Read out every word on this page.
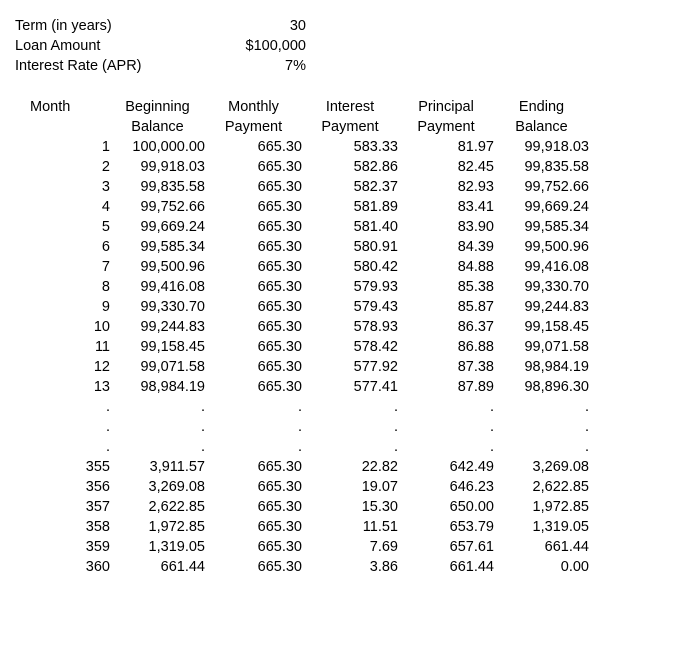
Term (in years)	30
Loan Amount	$100,000
Interest Rate (APR)	7%
Month	Beginning	Monthly	Interest	Principal	Ending
	Balance	Payment	Payment	Payment	Balance
1	100,000.00	665.30	583.33	81.97	99,918.03
2	99,918.03	665.30	582.86	82.45	99,835.58
3	99,835.58	665.30	582.37	82.93	99,752.66
4	99,752.66	665.30	581.89	83.41	99,669.24
5	99,669.24	665.30	581.40	83.90	99,585.34
6	99,585.34	665.30	580.91	84.39	99,500.96
7	99,500.96	665.30	580.42	84.88	99,416.08
8	99,416.08	665.30	579.93	85.38	99,330.70
9	99,330.70	665.30	579.43	85.87	99,244.83
10	99,244.83	665.30	578.93	86.37	99,158.45
11	99,158.45	665.30	578.42	86.88	99,071.58
12	99,071.58	665.30	577.92	87.38	98,984.19
13	98,984.19	665.30	577.41	87.89	98,896.30
.	.	.	.	.	.
.	.	.	.	.	.
.	.	.	.	.	.
355	3,911.57	665.30	22.82	642.49	3,269.08
356	3,269.08	665.30	19.07	646.23	2,622.85
357	2,622.85	665.30	15.30	650.00	1,972.85
358	1,972.85	665.30	11.51	653.79	1,319.05
359	1,319.05	665.30	7.69	657.61	661.44
360	661.44	665.30	3.86	661.44	0.00
